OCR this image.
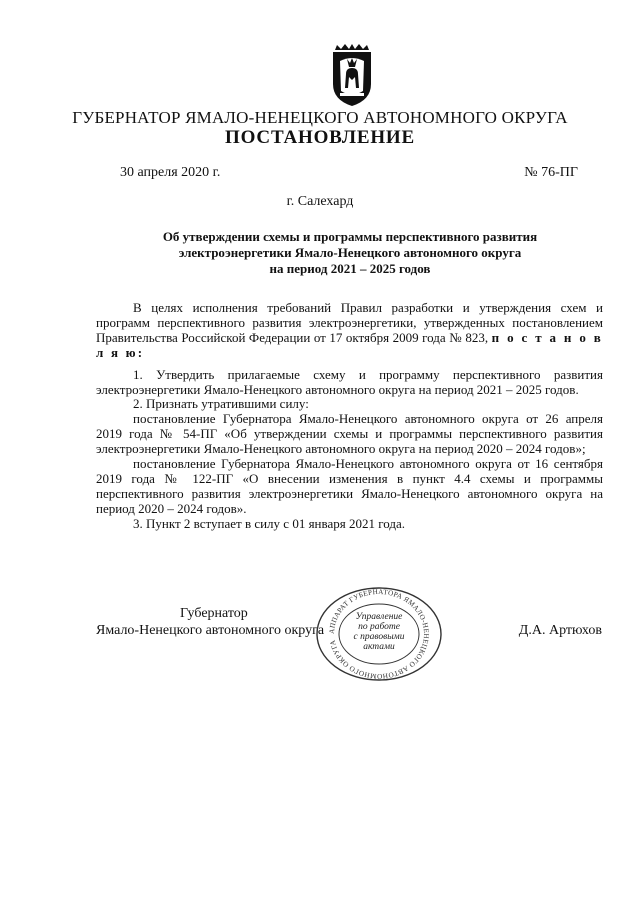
ГУБЕРНАТОР ЯМАЛО-НЕНЕЦКОГО АВТОНОМНОГО ОКРУГА
ПОСТАНОВЛЕНИЕ
30 апреля 2020 г.	№ 76-ПГ
г. Салехард
Об утверждении схемы и программы перспективного развития
электроэнергетики Ямало-Ненецкого автономного округа
на период 2021 – 2025 годов

В целях исполнения требований Правил разработки и утверждения схем и программ перспективного развития электроэнергетики, утвержденных постановлением Правительства Российской Федерации от 17 октября 2009 года № 823, п о с т а н о в л я ю:

1. Утвердить прилагаемые схему и программу перспективного развития электроэнергетики Ямало-Ненецкого автономного округа на период 2021 – 2025 годов.

2. Признать утратившими силу:

постановление Губернатора Ямало-Ненецкого автономного округа от 26 апреля 2019 года № 54-ПГ «Об утверждении схемы и программы перспективного развития электроэнергетики Ямало-Ненецкого автономного округа на период 2020 – 2024 годов»;

постановление Губернатора Ямало-Ненецкого автономного округа от 16 сентября 2019 года № 122-ПГ «О внесении изменения в пункт 4.4 схемы и программы перспективного развития электроэнергетики Ямало-Ненецкого автономного округа на период 2020 – 2024 годов».

3. Пункт 2 вступает в силу с 01 января 2021 года.

Губернатор
Ямало-Ненецкого автономного округа	Д.А. Артюхов
АППАРАТ ГУБЕРНАТОРА ЯМАЛО-НЕНЕЦКОГО АВТОНОМНОГО ОКРУГА
Управление
по работе
с правовыми
актами
